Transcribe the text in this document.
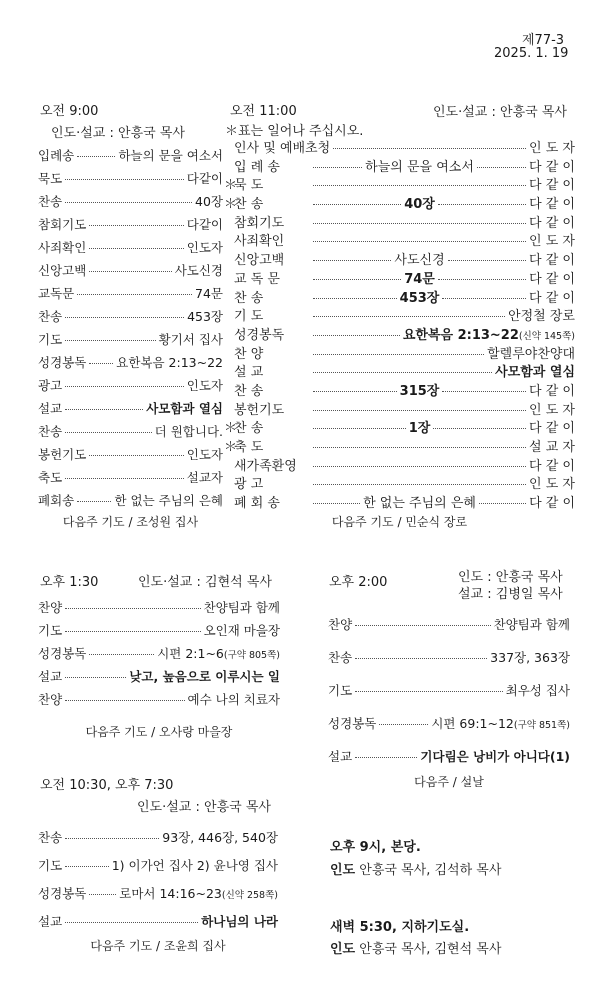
제77-3
2025. 1. 19
오전 9:00
인도·설교 : 안흥국 목사
입례송	하늘의 문을 여소서
묵도	다같이
찬송	40장
참회기도	다같이
사죄확인	인도자
신앙고백	사도신경
교독문	74문
찬송	453장
기도	황기서 집사
성경봉독 요한복음 2:13~22
광고	인도자
설교	사모함과 열심
찬송	더 원합니다.
봉헌기도	인도자
축도	설교자
폐회송	한 없는 주님의 은혜
다음주 기도 / 조성원 집사
오전 11:00	인도·설교 : 안흥국 목사
＊표는 일어나 주십시오.
인사 및 예배초청	인 도 자
입 례 송	하늘의 문을 여소서	다 같 이
＊
묵 도	다 같 이
＊
찬 송	40장	다 같 이
참회기도	다 같 이
사죄확인	인 도 자
신앙고백	사도신경	다 같 이
교 독 문	74문	다 같 이
찬 송	453장	다 같 이
기 도	안정철 장로
성경봉독	요한복음 2:13~22 (신약 145쪽)
찬 양	할렐루야찬양대
설 교	사모함과 열심
찬 송	315장	다 같 이
봉헌기도	인 도 자
＊
찬 송	1장	다 같 이
＊
축 도	설 교 자
새가족환영	다 같 이
광 고	인 도 자
폐 회 송	한 없는 주님의 은혜	다 같 이
다음주 기도 / 민순식 장로
오후 1:30	인도·설교 : 김현석 목사
찬양	찬양팀과 함께
기도	오인재 마을장
성경봉독	시편 2:1~6 (구약 805쪽)
설교	낮고, 높음으로 이루시는 일
찬양	예수 나의 치료자
다음주 기도 / 오사랑 마을장
오후 2:00	인도 : 안흥국 목사
설교 : 김병일 목사
찬양	찬양팀과 함께
찬송	337장, 363장
기도	최우성 집사
성경봉독	시편 69:1~12 (구약 851쪽)
설교	기다림은 낭비가 아니다(1)
다음주 / 설날
오전 10:30, 오후 7:30
인도·설교 : 안흥국 목사
찬송	93장, 446장, 540장
기도	1) 이가언 집사 2) 윤나영 집사
성경봉독	로마서 14:16~23 (신약 258쪽)
설교	하나님의 나라
다음주 기도 / 조윤희 집사
오후 9시, 본당.
인도 안흥국 목사, 김석하 목사
새벽 5:30, 지하기도실.
인도 안흥국 목사, 김현석 목사
